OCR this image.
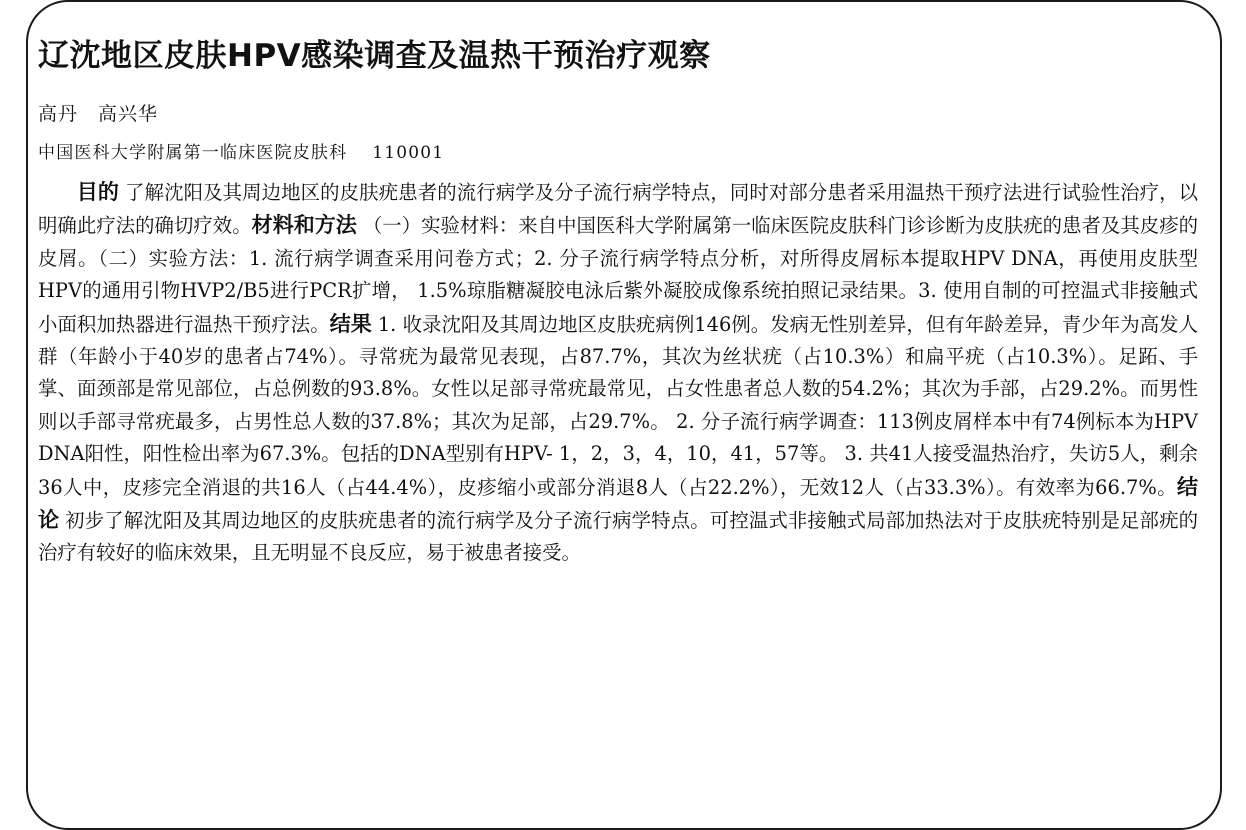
辽沈地区皮肤HPV感染调查及温热干预治疗观察
高丹　高兴华
中国医科大学附属第一临床医院皮肤科　 110001

目的 了解沈阳及其周边地区的皮肤疣患者的流行病学及分子流行病学特点，同时对部分患者采用温热干预疗法进行试验性治疗，以明确此疗法的确切疗效。材料和方法 （一）实验材料：来自中国医科大学附属第一临床医院皮肤科门诊诊断为皮肤疣的患者及其皮疹的皮屑。（二）实验方法：1. 流行病学调查采用问卷方式；2. 分子流行病学特点分析，对所得皮屑标本提取HPV DNA，再使用皮肤型HPV的通用引物HVP2/B5进行PCR扩增， 1.5%琼脂糖凝胶电泳后紫外凝胶成像系统拍照记录结果。3. 使用自制的可控温式非接触式小面积加热器进行温热干预疗法。结果 1. 收录沈阳及其周边地区皮肤疣病例146例。发病无性别差异，但有年龄差异，青少年为高发人群（年龄小于40岁的患者占74%）。寻常疣为最常见表现，占87.7%，其次为丝状疣（占10.3%）和扁平疣（占10.3%）。足跖、手掌、面颈部是常见部位，占总例数的93.8%。女性以足部寻常疣最常见，占女性患者总人数的54.2%；其次为手部，占29.2%。而男性则以手部寻常疣最多，占男性总人数的37.8%；其次为足部，占29.7%。 2. 分子流行病学调查：113例皮屑样本中有74例标本为HPV DNA阳性，阳性检出率为67.3%。包括的DNA型别有HPV- 1，2，3，4，10，41，57等。 3. 共41人接受温热治疗，失访5人，剩余36人中，皮疹完全消退的共16人（占44.4%），皮疹缩小或部分消退8人（占22.2%），无效12人（占33.3%）。有效率为66.7%。结论 初步了解沈阳及其周边地区的皮肤疣患者的流行病学及分子流行病学特点。可控温式非接触式局部加热法对于皮肤疣特别是足部疣的治疗有较好的临床效果，且无明显不良反应，易于被患者接受。
